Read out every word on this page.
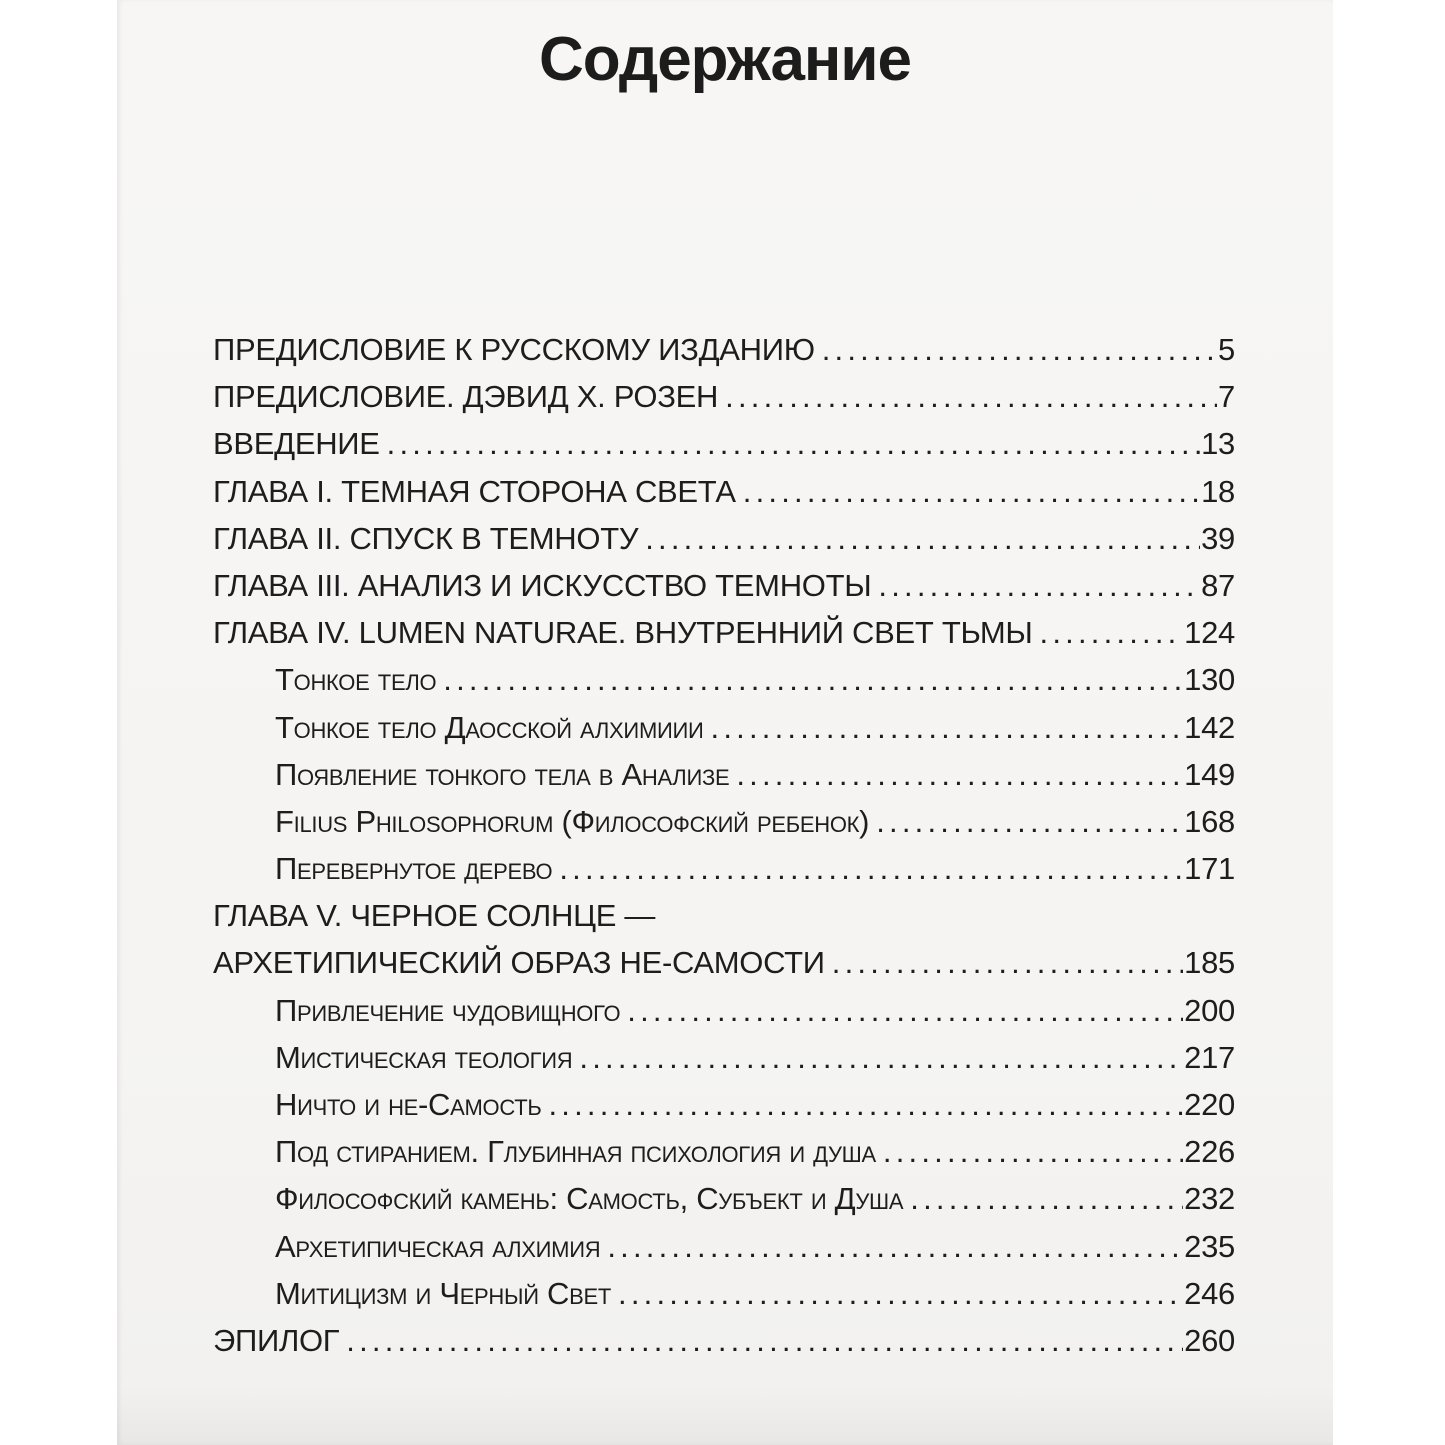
Содержание
ПРЕДИСЛОВИЕ К РУССКОМУ ИЗДАНИЮ .....	5
ПРЕДИСЛОВИЕ. ДЭВИД Х. РОЗЕН .....	7
ВВЕДЕНИЕ .....	13
ГЛАВА I. ТЕМНАЯ СТОРОНА СВЕТА .....	18
ГЛАВА II. СПУСК В ТЕМНОТУ .....	39
ГЛАВА III. АНАЛИЗ И ИСКУССТВО ТЕМНОТЫ .....	87
ГЛАВА IV. LUMEN NATURAE. ВНУТРЕННИЙ СВЕТ ТЬМЫ .....	124
Тонкое тело .....	130
Тонкое тело Даосской алхимиии .....	142
Появление тонкого тела в Анализе .....	149
Filius Philosophorum (Философский ребенок) .....	168
Перевернутое дерево .....	171
ГЛАВА V. ЧЕРНОЕ СОЛНЦЕ —
АРХЕТИПИЧЕСКИЙ ОБРАЗ НЕ-САМОСТИ .....	185
Привлечение чудовищного .....	200
Мистическая теология .....	217
Ничто и не-Самость .....	220
Под стиранием. Глубинная психология и душа .....	226
Философский камень: Самость, Субъект и Душа .....	232
Архетипическая алхимия .....	235
Митицизм и Черный Свет .....	246
ЭПИЛОГ .....	260
